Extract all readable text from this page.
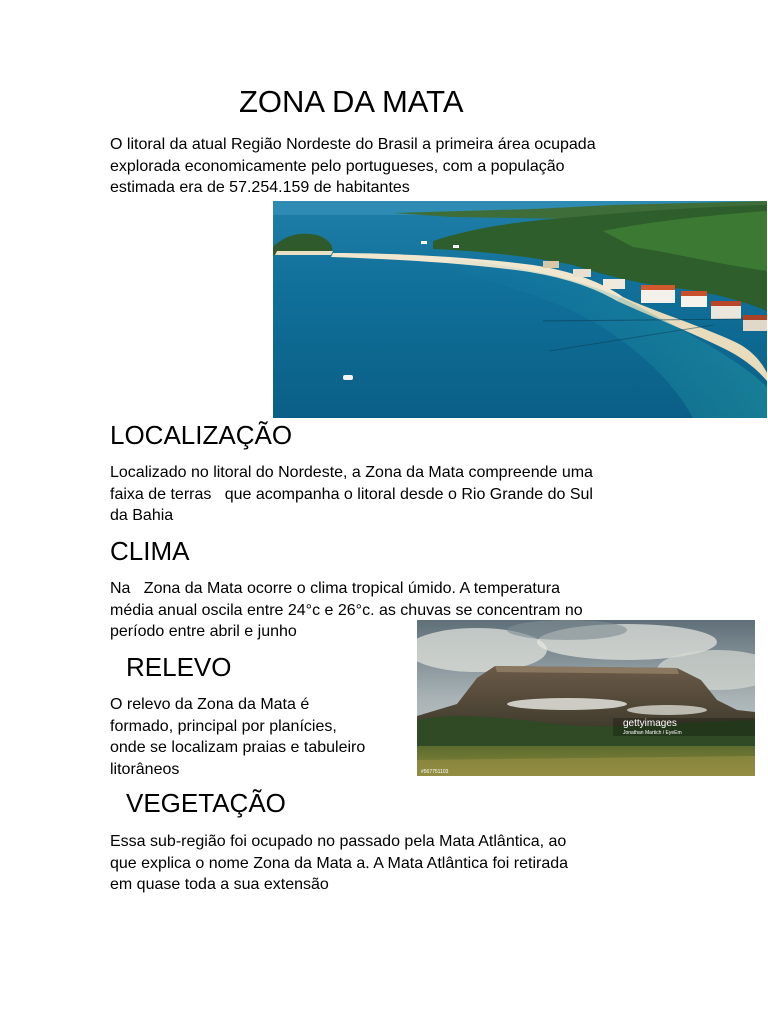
ZONA DA MATA
O litoral da atual Região Nordeste do Brasil a primeira área ocupada
explorada economicamente pelo portugueses, com a população
estimada era de 57.254.159 de habitantes
LOCALIZAÇÃO
Localizado no litoral do Nordeste, a Zona da Mata compreende uma
faixa de terras   que acompanha o litoral desde o Rio Grande do Sul
da Bahia
CLIMA
Na   Zona da Mata ocorre o clima tropical úmido. A temperatura
média anual oscila entre 24°c e 26°c. as chuvas se concentram no
período entre abril e junho
gettyimages
Jonathan Martich / EyeEm
#567751103
RELEVO
O relevo da Zona da Mata é
formado, principal por planícies,
onde se localizam praias e tabuleiro
litorâneos
VEGETAÇÃO
Essa sub-região foi ocupado no passado pela Mata Atlântica, ao
que explica o nome Zona da Mata a. A Mata Atlântica foi retirada
em quase toda a sua extensão
